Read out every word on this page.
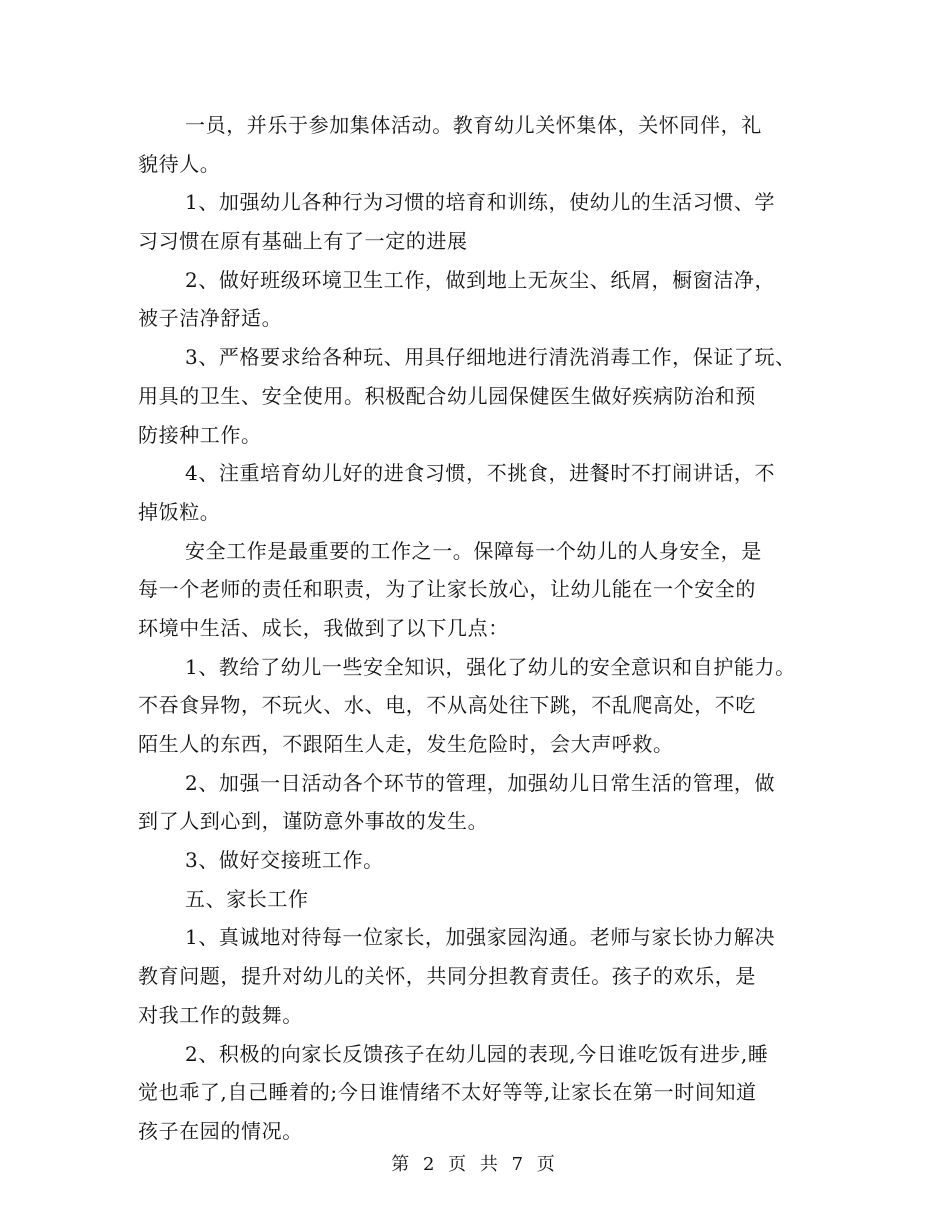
一员，并乐于参加集体活动。教育幼儿关怀集体，关怀同伴，礼
貌待人。
1、加强幼儿各种行为习惯的培育和训练，使幼儿的生活习惯、学
习习惯在原有基础上有了一定的进展
2、做好班级环境卫生工作，做到地上无灰尘、纸屑，橱窗洁净，
被子洁净舒适。
3、严格要求给各种玩、用具仔细地进行清洗消毒工作，保证了玩、
用具的卫生、安全使用。积极配合幼儿园保健医生做好疾病防治和预
防接种工作。
4、注重培育幼儿好的进食习惯，不挑食，进餐时不打闹讲话，不
掉饭粒。
安全工作是最重要的工作之一。保障每一个幼儿的人身安全，是
每一个老师的责任和职责，为了让家长放心，让幼儿能在一个安全的
环境中生活、成长，我做到了以下几点：
1、教给了幼儿一些安全知识，强化了幼儿的安全意识和自护能力。
不吞食异物，不玩火、水、电，不从高处往下跳，不乱爬高处，不吃
陌生人的东西，不跟陌生人走，发生危险时，会大声呼救。
2、加强一日活动各个环节的管理，加强幼儿日常生活的管理，做
到了人到心到，谨防意外事故的发生。
3、做好交接班工作。
五、家长工作
1、真诚地对待每一位家长，加强家园沟通。老师与家长协力解决
教育问题，提升对幼儿的关怀，共同分担教育责任。孩子的欢乐，是
对我工作的鼓舞。
2、积极的向家长反馈孩子在幼儿园的表现,今日谁吃饭有进步,睡
觉也乖了,自己睡着的;今日谁情绪不太好等等,让家长在第一时间知道
孩子在园的情况。
第 2 页 共 7 页
